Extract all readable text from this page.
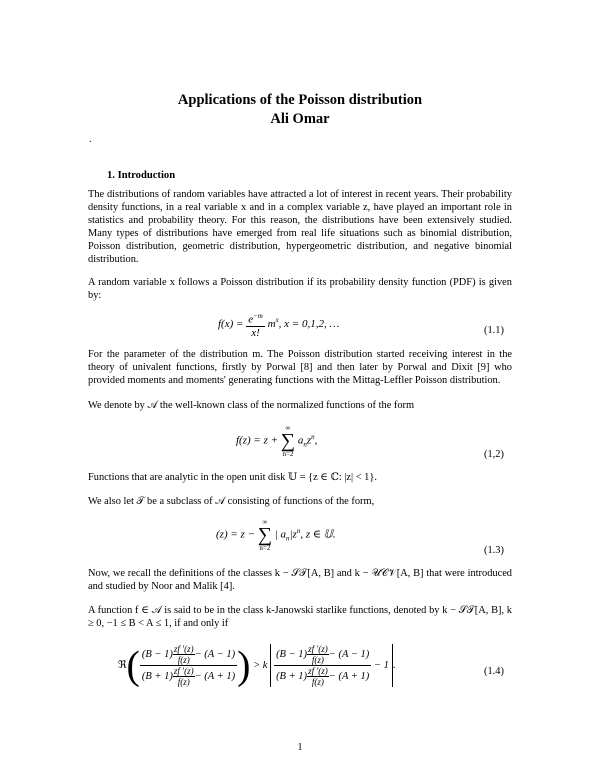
Applications of the Poisson distribution
Ali Omar
.
1. Introduction
The distributions of random variables have attracted a lot of interest in recent years. Their probability density functions, in a real variable x and in a complex variable z, have played an important role in statistics and probability theory. For this reason, the distributions have been extensively studied. Many types of distributions have emerged from real life situations such as binomial distribution, Poisson distribution, geometric distribution, hypergeometric distribution, and negative binomial distribution.
A random variable x follows a Poisson distribution if its probability density function (PDF) is given by:
$f(x) = \frac{e^{-m}}{x!} m^x$, x = 0,1,2, …
(1.1)
For the parameter of the distribution m. The Poisson distribution started receiving interest in the theory of univalent functions, firstly by Porwal [8] and then later by Porwal and Dixit [9] who provided moments and moments' generating functions with the Mittag-Leffler Poisson distribution.
We denote by 𝒜 the well-known class of the normalized functions of the form
f(z) = z +
∞
∑
n=2
$a_nz^n$,
(1,2)
Functions that are analytic in the open unit disk 𝕌 = {z ∈ ℂ: |z| < 1}.
We also let 𝒯 be a subclass of 𝒜 consisting of functions of the form,
(z) = z −
∞
∑
n=2
| $a_n|z^n$, z ∈ 𝕌.
(1.3)
Now, we recall the definitions of the classes k − 𝒮𝒯[A, B] and k − 𝒰𝒞𝒱[A, B] that were introduced and studied by Noor and Malik [4].
A function f ∈ 𝒜 is said to be in the class k-Janowski starlike functions, denoted by k − 𝒮𝒯[A, B], k ≥ 0, −1 ≤ B < A ≤ 1, if and only if
ℜ( $\frac{(B - 1) \frac{zf '(z)}{f(z)} - (A - 1)}{(B + 1) \frac{zf '(z)}{f(z)} - (A + 1)}$ ) > k $\frac{(B - 1) \frac{zf '(z)}{f(z)} - (A - 1)}{(B + 1) \frac{zf '(z)}{f(z)} - (A + 1)} - 1$ .
(1.4)
1
